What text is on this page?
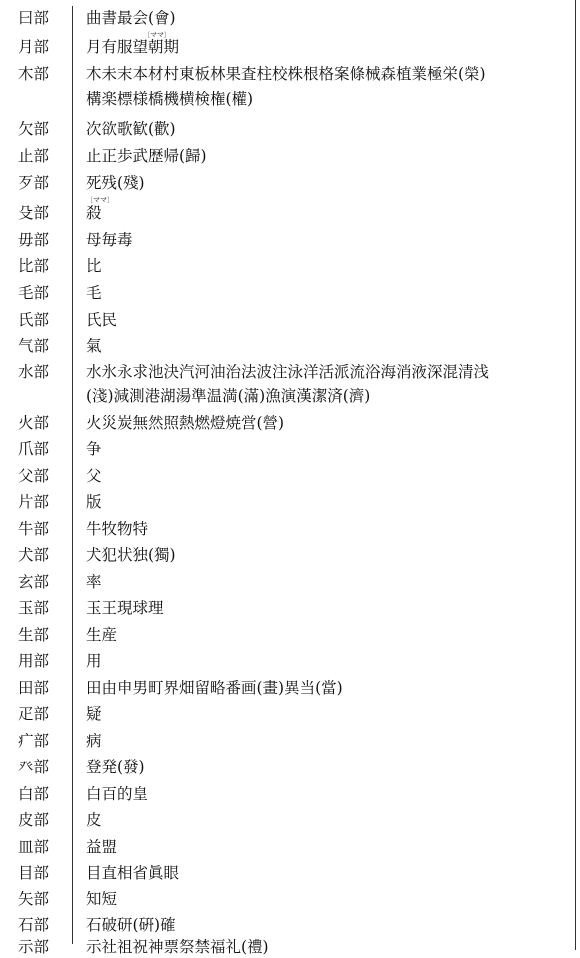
曰部	曲書最会(會)
月部	月有服望朝期
〔ママ〕
木部	木未末本材村東板林果査柱校株根格案條械森植業極栄(榮)
構楽標様橋機横検権(權)
欠部	次欲歌歓(歡)
止部	止正歩武歴帰(歸)
歹部	死残(殘)
殳部	殺
〔ママ〕
毋部	母毎毒
比部	比
毛部	毛
氏部	氏民
气部	氣
水部	水氷永求池決汽河油治法波注泳洋活派流浴海消液深混清浅
(淺)減測港湖湯準温満(滿)漁演漢潔済(濟)
火部	火災炭無然照熱燃燈焼営(營)
爪部	争
父部	父
片部	版
牛部	牛牧物特
犬部	犬犯状独(獨)
玄部	率
玉部	玉王現球理
生部	生産
用部	用
田部	田由申男町界畑留略番画(畫)異当(當)
疋部	疑
疒部	病
癶部	登発(發)
白部	白百的皇
皮部	皮
皿部	益盟
目部	目直相省眞眼
矢部	知短
石部	石破研(硏)確
示部	示社祖祝神票祭禁福礼(禮)
